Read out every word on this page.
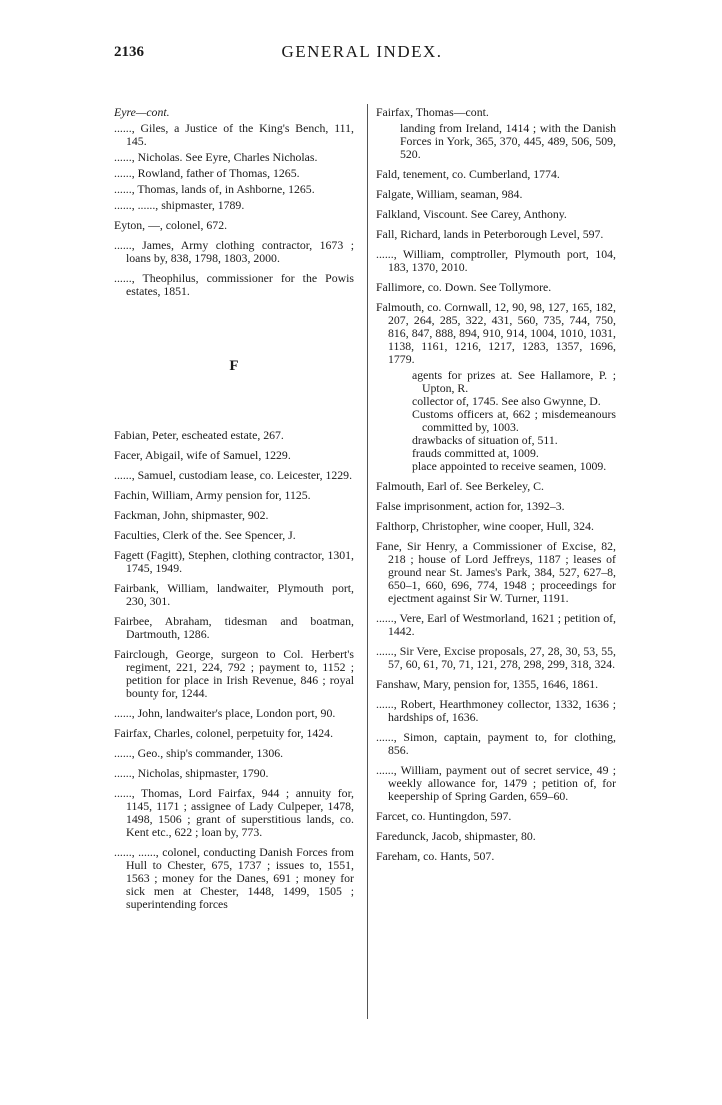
2136	GENERAL INDEX.
Eyre—cont.
......, Giles, a Justice of the King's Bench, 111, 145.
......, Nicholas. See Eyre, Charles Nicholas.
......, Rowland, father of Thomas, 1265.
......, Thomas, lands of, in Ashborne, 1265.
......, ......, shipmaster, 1789.
Eyton, —, colonel, 672.
......, James, Army clothing contractor, 1673 ; loans by, 838, 1798, 1803, 2000.
......, Theophilus, commissioner for the Powis estates, 1851.
F
Fabian, Peter, escheated estate, 267.
Facer, Abigail, wife of Samuel, 1229.
......, Samuel, custodiam lease, co. Leicester, 1229.
Fachin, William, Army pension for, 1125.
Fackman, John, shipmaster, 902.
Faculties, Clerk of the. See Spencer, J.
Fagett (Fagitt), Stephen, clothing contractor, 1301, 1745, 1949.
Fairbank, William, landwaiter, Plymouth port, 230, 301.
Fairbee, Abraham, tidesman and boatman, Dartmouth, 1286.
Fairclough, George, surgeon to Col. Herbert's regiment, 221, 224, 792 ; payment to, 1152 ; petition for place in Irish Revenue, 846 ; royal bounty for, 1244.
......, John, landwaiter's place, London port, 90.
Fairfax, Charles, colonel, perpetuity for, 1424.
......, Geo., ship's commander, 1306.
......, Nicholas, shipmaster, 1790.
......, Thomas, Lord Fairfax, 944 ; annuity for, 1145, 1171 ; assignee of Lady Culpeper, 1478, 1498, 1506 ; grant of superstitious lands, co. Kent etc., 622 ; loan by, 773.
......, ......, colonel, conducting Danish Forces from Hull to Chester, 675, 1737 ; issues to, 1551, 1563 ; money for the Danes, 691 ; money for sick men at Chester, 1448, 1499, 1505 ; superintending forces
Fairfax, Thomas—cont.
landing from Ireland, 1414 ; with the Danish Forces in York, 365, 370, 445, 489, 506, 509, 520.
Fald, tenement, co. Cumberland, 1774.
Falgate, William, seaman, 984.
Falkland, Viscount. See Carey, Anthony.
Fall, Richard, lands in Peterborough Level, 597.
......, William, comptroller, Plymouth port, 104, 183, 1370, 2010.
Fallimore, co. Down. See Tollymore.
Falmouth, co. Cornwall, 12, 90, 98, 127, 165, 182, 207, 264, 285, 322, 431, 560, 735, 744, 750, 816, 847, 888, 894, 910, 914, 1004, 1010, 1031, 1138, 1161, 1216, 1217, 1283, 1357, 1696, 1779.
agents for prizes at. See Hallamore, P. ; Upton, R.
collector of, 1745. See also Gwynne, D.
Customs officers at, 662 ; misdemeanours committed by, 1003.
drawbacks of situation of, 511.
frauds committed at, 1009.
place appointed to receive seamen, 1009.
Falmouth, Earl of. See Berkeley, C.
False imprisonment, action for, 1392–3.
Falthorp, Christopher, wine cooper, Hull, 324.
Fane, Sir Henry, a Commissioner of Excise, 82, 218 ; house of Lord Jeffreys, 1187 ; leases of ground near St. James's Park, 384, 527, 627–8, 650–1, 660, 696, 774, 1948 ; proceedings for ejectment against Sir W. Turner, 1191.
......, Vere, Earl of Westmorland, 1621 ; petition of, 1442.
......, Sir Vere, Excise proposals, 27, 28, 30, 53, 55, 57, 60, 61, 70, 71, 121, 278, 298, 299, 318, 324.
Fanshaw, Mary, pension for, 1355, 1646, 1861.
......, Robert, Hearthmoney collector, 1332, 1636 ; hardships of, 1636.
......, Simon, captain, payment to, for clothing, 856.
......, William, payment out of secret service, 49 ; weekly allowance for, 1479 ; petition of, for keepership of Spring Garden, 659–60.
Farcet, co. Huntingdon, 597.
Faredunck, Jacob, shipmaster, 80.
Fareham, co. Hants, 507.
